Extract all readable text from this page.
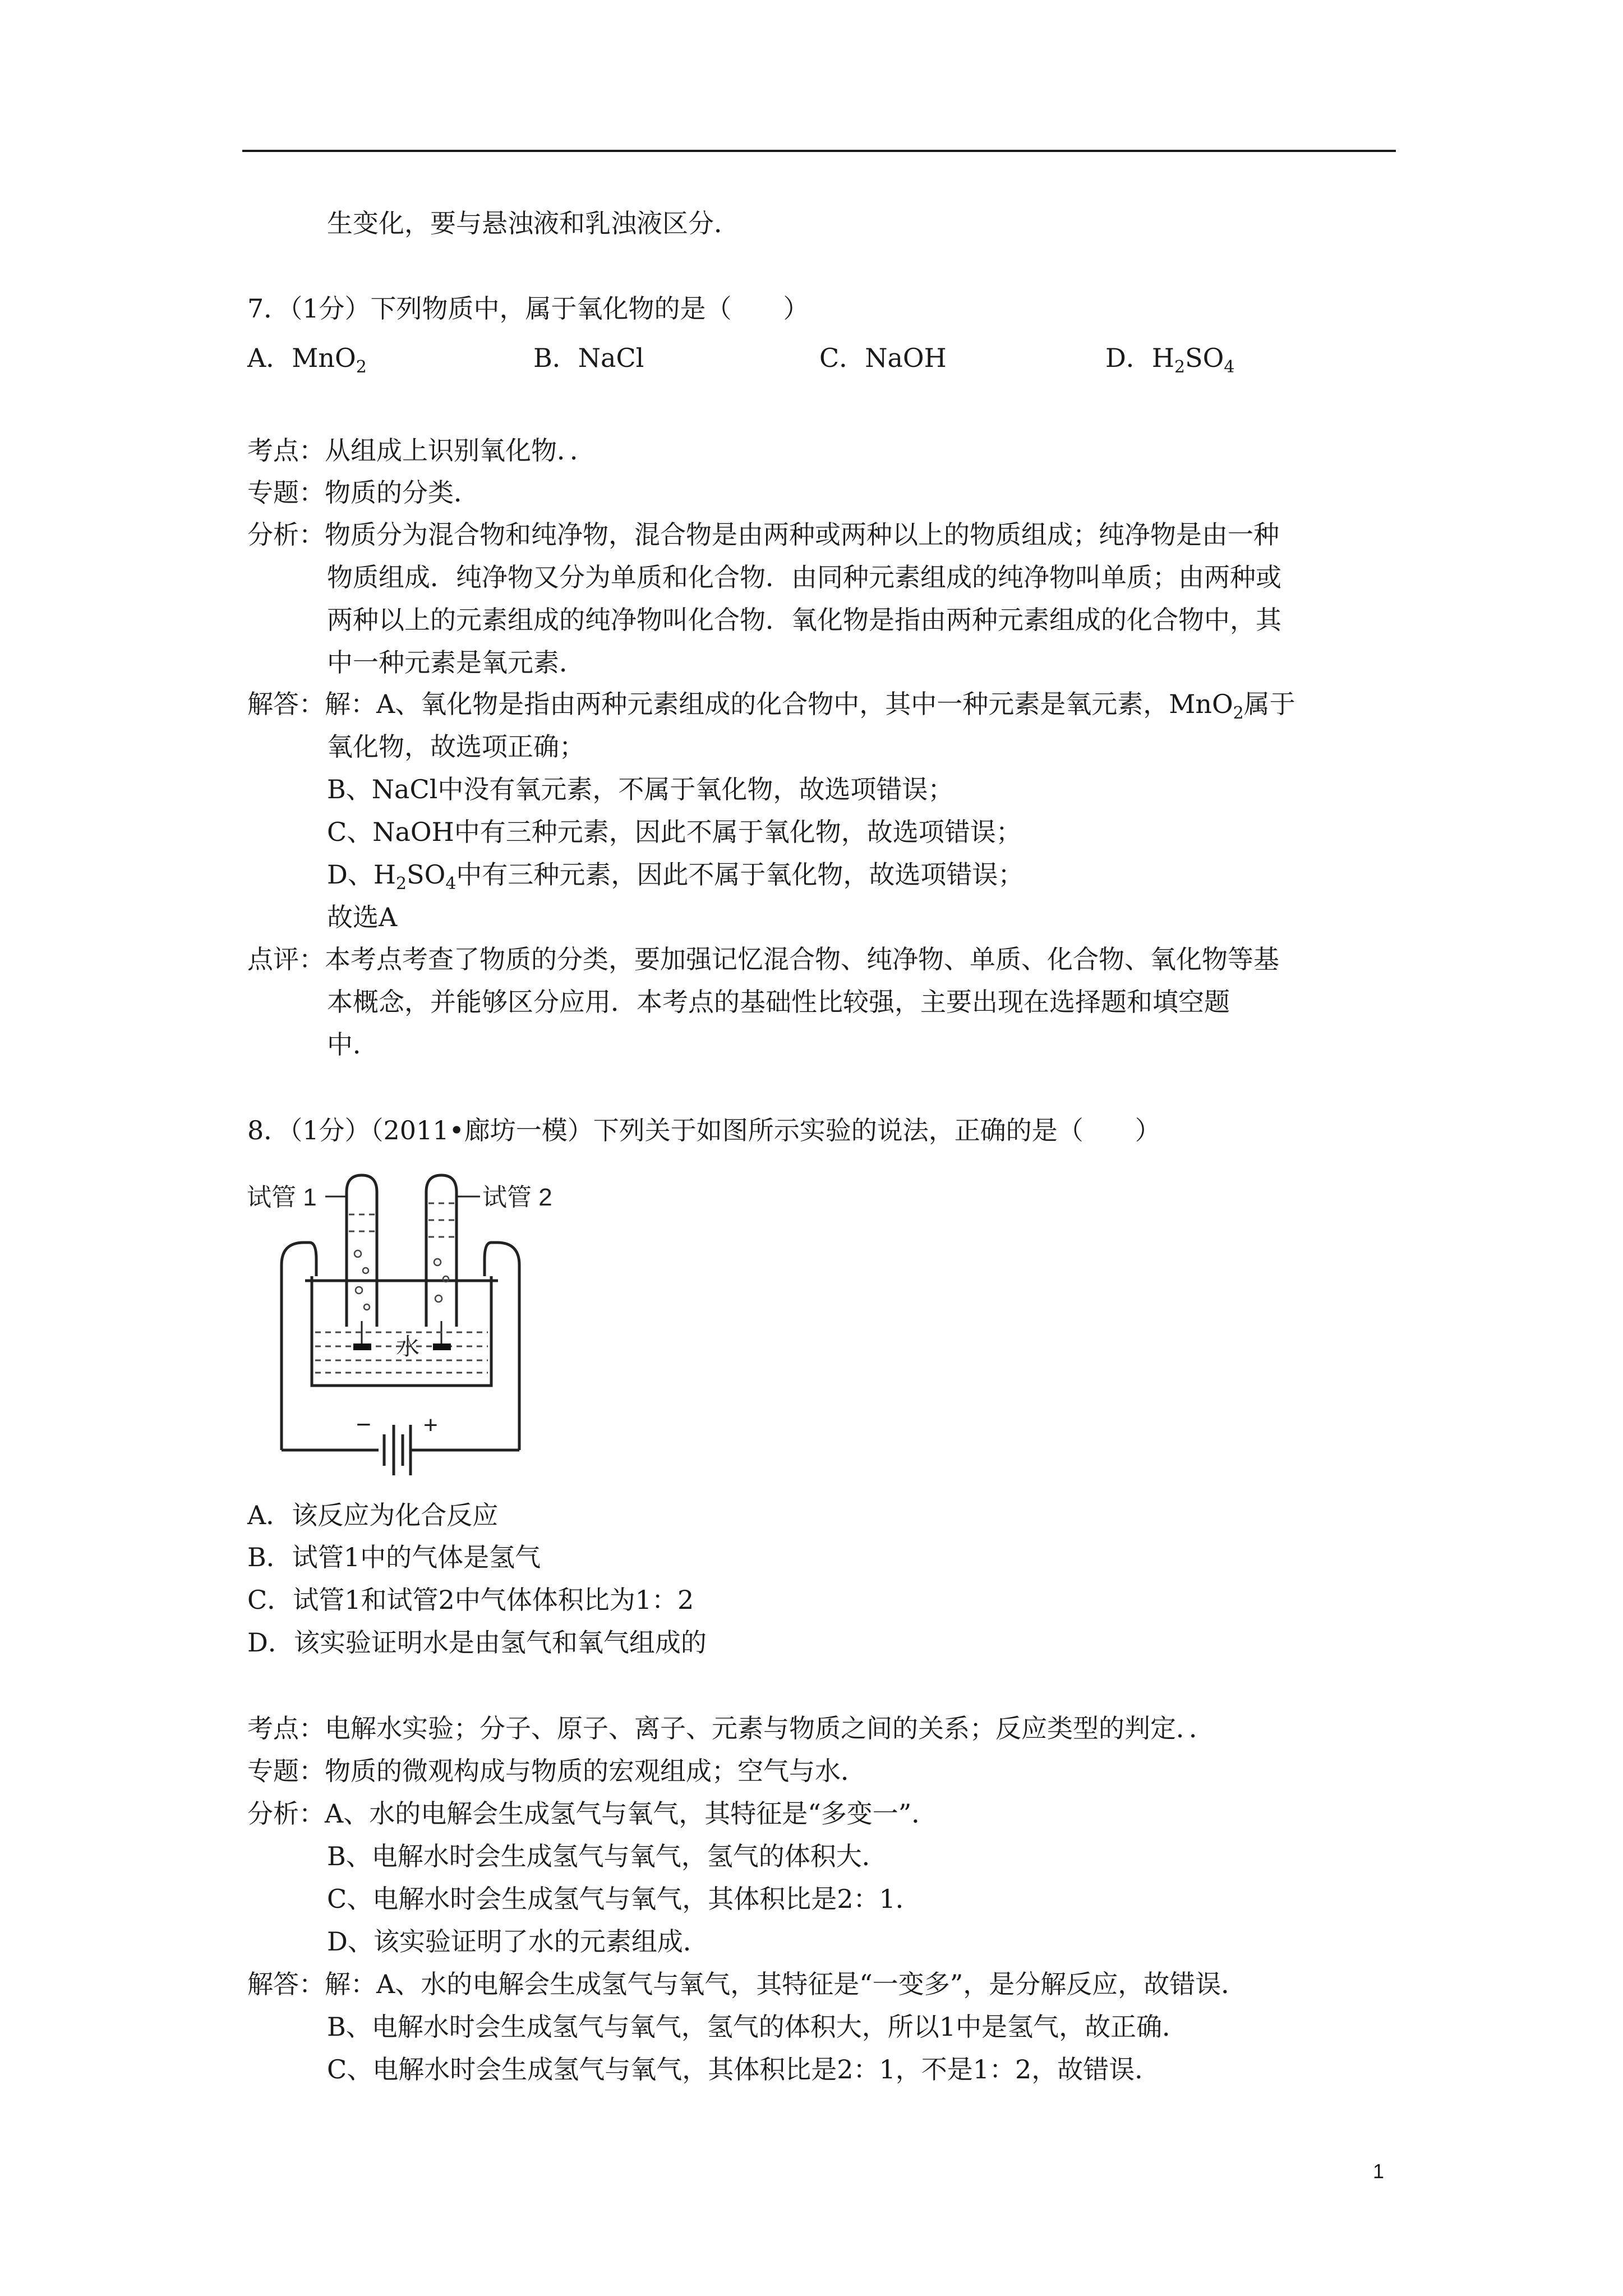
生变化，要与悬浊液和乳浊液区分．
7．（1分）下列物质中，属于氧化物的是（　　）
A．MnO$_2$	B．NaCl	C．NaOH	D．$H_2SO_4$
考点：从组成上识别氧化物．．
专题：物质的分类．
分析：物质分为混合物和纯净物，混合物是由两种或两种以上的物质组成；纯净物是由一种
物质组成．纯净物又分为单质和化合物．由同种元素组成的纯净物叫单质；由两种或
两种以上的元素组成的纯净物叫化合物．氧化物是指由两种元素组成的化合物中，其
中一种元素是氧元素．
解答：解：A、氧化物是指由两种元素组成的化合物中，其中一种元素是氧元素，MnO$_2$属于
氧化物，故选项正确；
B、NaCl中没有氧元素，不属于氧化物，故选项错误；
C、NaOH中有三种元素，因此不属于氧化物，故选项错误；
D、$H_2SO_4$中有三种元素，因此不属于氧化物，故选项错误；
故选A
点评：本考点考查了物质的分类，要加强记忆混合物、纯净物、单质、化合物、氧化物等基
本概念，并能够区分应用．本考点的基础性比较强，主要出现在选择题和填空题
中．
8．（1分）（2011•廊坊一模）下列关于如图所示实验的说法，正确的是（　　）
试管 1	试管 2
水
− +
A．该反应为化合反应
B．试管1中的气体是氢气
C．试管1和试管2中气体体积比为1：2
D．该实验证明水是由氢气和氧气组成的
考点：电解水实验；分子、原子、离子、元素与物质之间的关系；反应类型的判定．．
专题：物质的微观构成与物质的宏观组成；空气与水．
分析：A、水的电解会生成氢气与氧气，其特征是“多变一”．
B、电解水时会生成氢气与氧气，氢气的体积大．
C、电解水时会生成氢气与氧气，其体积比是2：1．
D、该实验证明了水的元素组成．
解答：解：A、水的电解会生成氢气与氧气，其特征是“一变多”，是分解反应，故错误．
B、电解水时会生成氢气与氧气，氢气的体积大，所以1中是氢气，故正确．
C、电解水时会生成氢气与氧气，其体积比是2：1，不是1：2，故错误．
1
